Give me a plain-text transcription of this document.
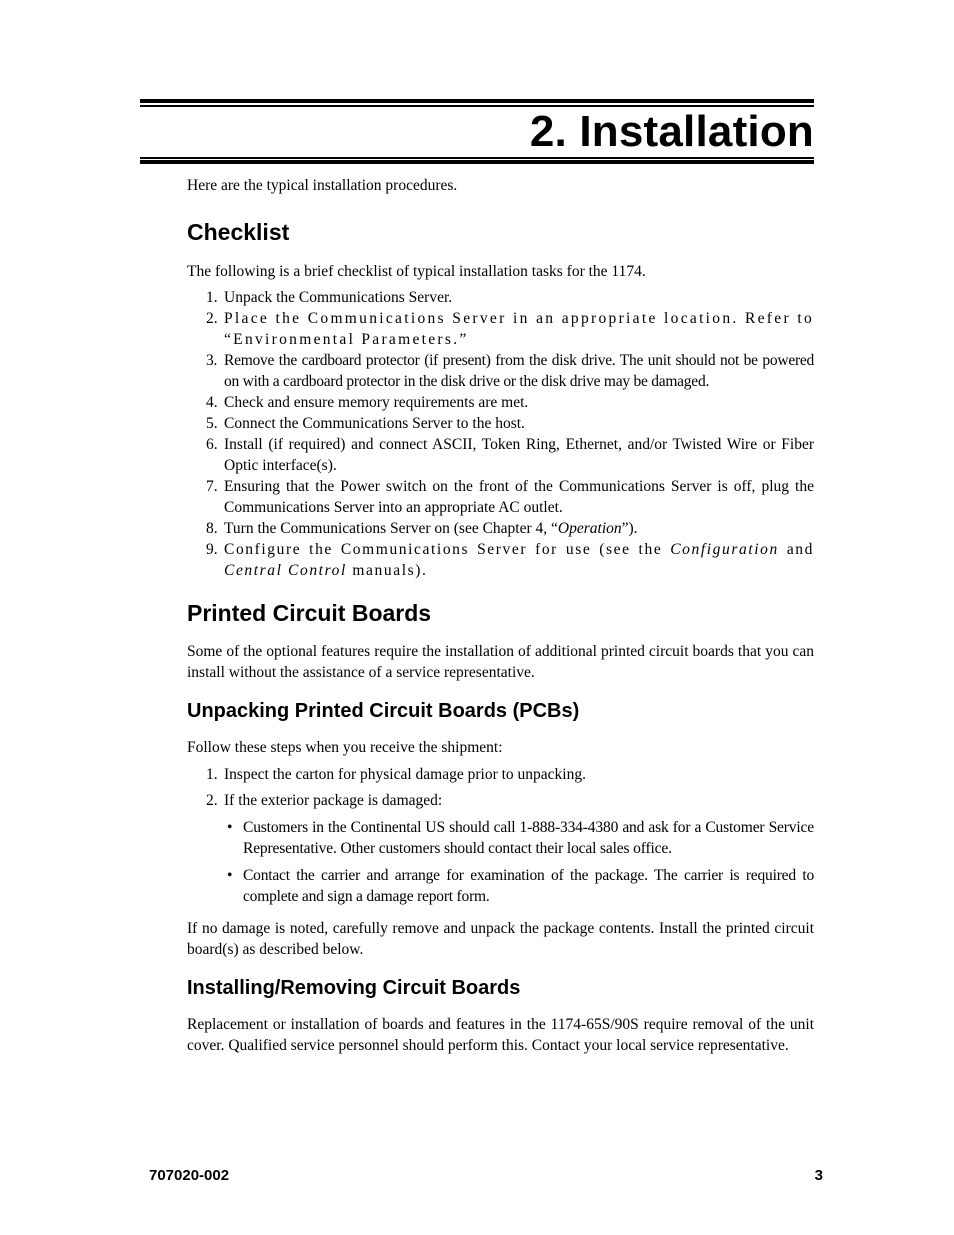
2. Installation

Here are the typical installation procedures.

Checklist

The following is a brief checklist of typical installation tasks for the 1174.

1. Unpack the Communications Server.
2. Place the Communications Server in an appropriate location. Refer to “Environmental Parameters.”
3. Remove the cardboard protector (if present) from the disk drive. The unit should not be powered on with a cardboard protector in the disk drive or the disk drive may be damaged.
4. Check and ensure memory requirements are met.
5. Connect the Communications Server to the host.
6. Install (if required) and connect ASCII, Token Ring, Ethernet, and/or Twisted Wire or Fiber Optic interface(s).
7. Ensuring that the Power switch on the front of the Communications Server is off, plug the Communications Server into an appropriate AC outlet.
8. Turn the Communications Server on (see Chapter 4, “Operation”).
9. Configure the Communications Server for use (see the Configuration and Central Control manuals).
Printed Circuit Boards

Some of the optional features require the installation of additional printed circuit boards that you can install without the assistance of a service representative.

Unpacking Printed Circuit Boards (PCBs)

Follow these steps when you receive the shipment:

1. Inspect the carton for physical damage prior to unpacking.
2. If the exterior package is damaged:
• Customers in the Continental US should call 1-888-334-4380 and ask for a Customer Service Representative. Other customers should contact their local sales office.
• Contact the carrier and arrange for examination of the package. The carrier is required to complete and sign a damage report form.

If no damage is noted, carefully remove and unpack the package contents. Install the printed circuit board(s) as described below.

Installing/Removing Circuit Boards

Replacement or installation of boards and features in the 1174-65S/90S require removal of the unit cover. Qualified service personnel should perform this. Contact your local service representative.

707020-002	3
